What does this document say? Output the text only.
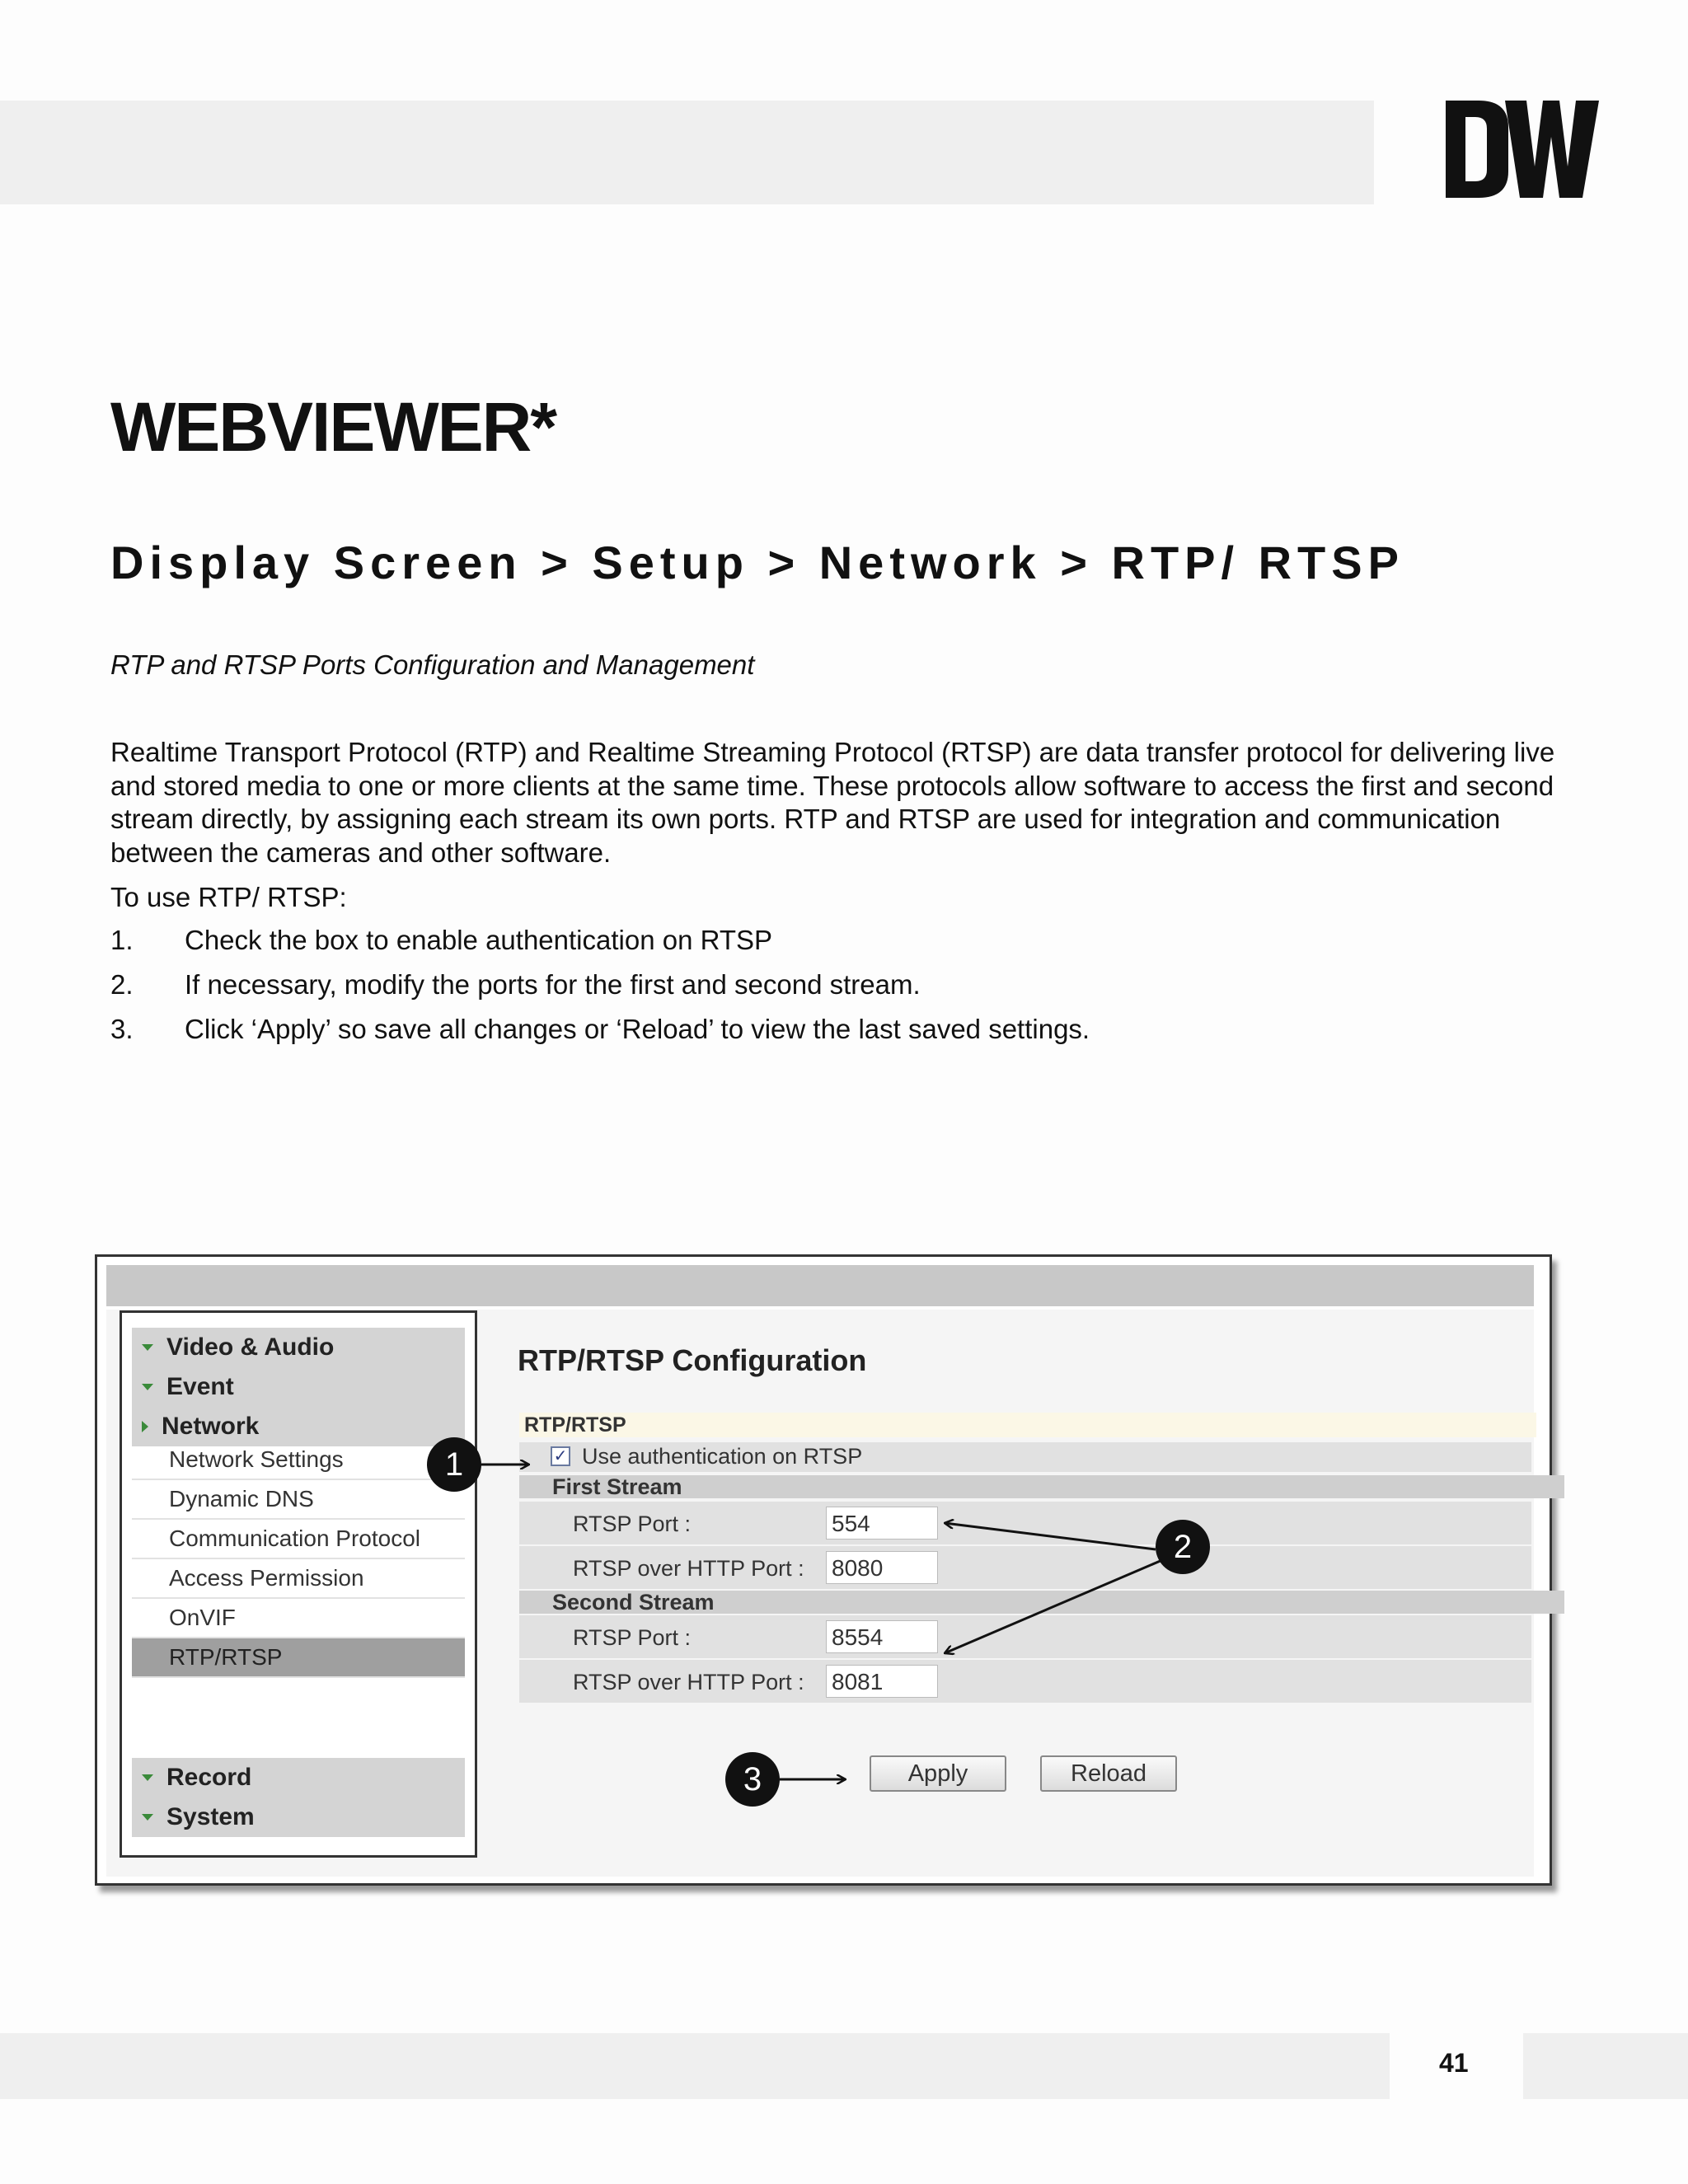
WEBVIEWER*
Display Screen > Setup > Network > RTP/ RTSP
RTP and RTSP Ports Configuration and Management

Realtime Transport Protocol (RTP) and Realtime Streaming Protocol (RTSP) are data transfer protocol for delivering live and stored media to one or more clients at the same time. These protocols allow software to access the first and second stream directly, by assigning each stream its own ports. RTP and RTSP are used for integration and communication between the cameras and other software.

To use RTP/ RTSP:
1. Check the box to enable authentication on RTSP
2. If necessary, modify the ports for the first and second stream.
3. Click ‘Apply’ so save all changes or ‘Reload’ to view the last saved settings.
Video & Audio
Event
Network
Network Settings
Dynamic DNS
Communication Protocol
Access Permission
OnVIF
RTP/RTSP
Record
System
RTP/RTSP Configuration
RTP/RTSP
✓ Use authentication on RTSP
First Stream
RTSP Port :	554
RTSP over HTTP Port : 8080
Second Stream
RTSP Port :	8554
RTSP over HTTP Port : 8081
Apply	Reload
1
2
3
41
